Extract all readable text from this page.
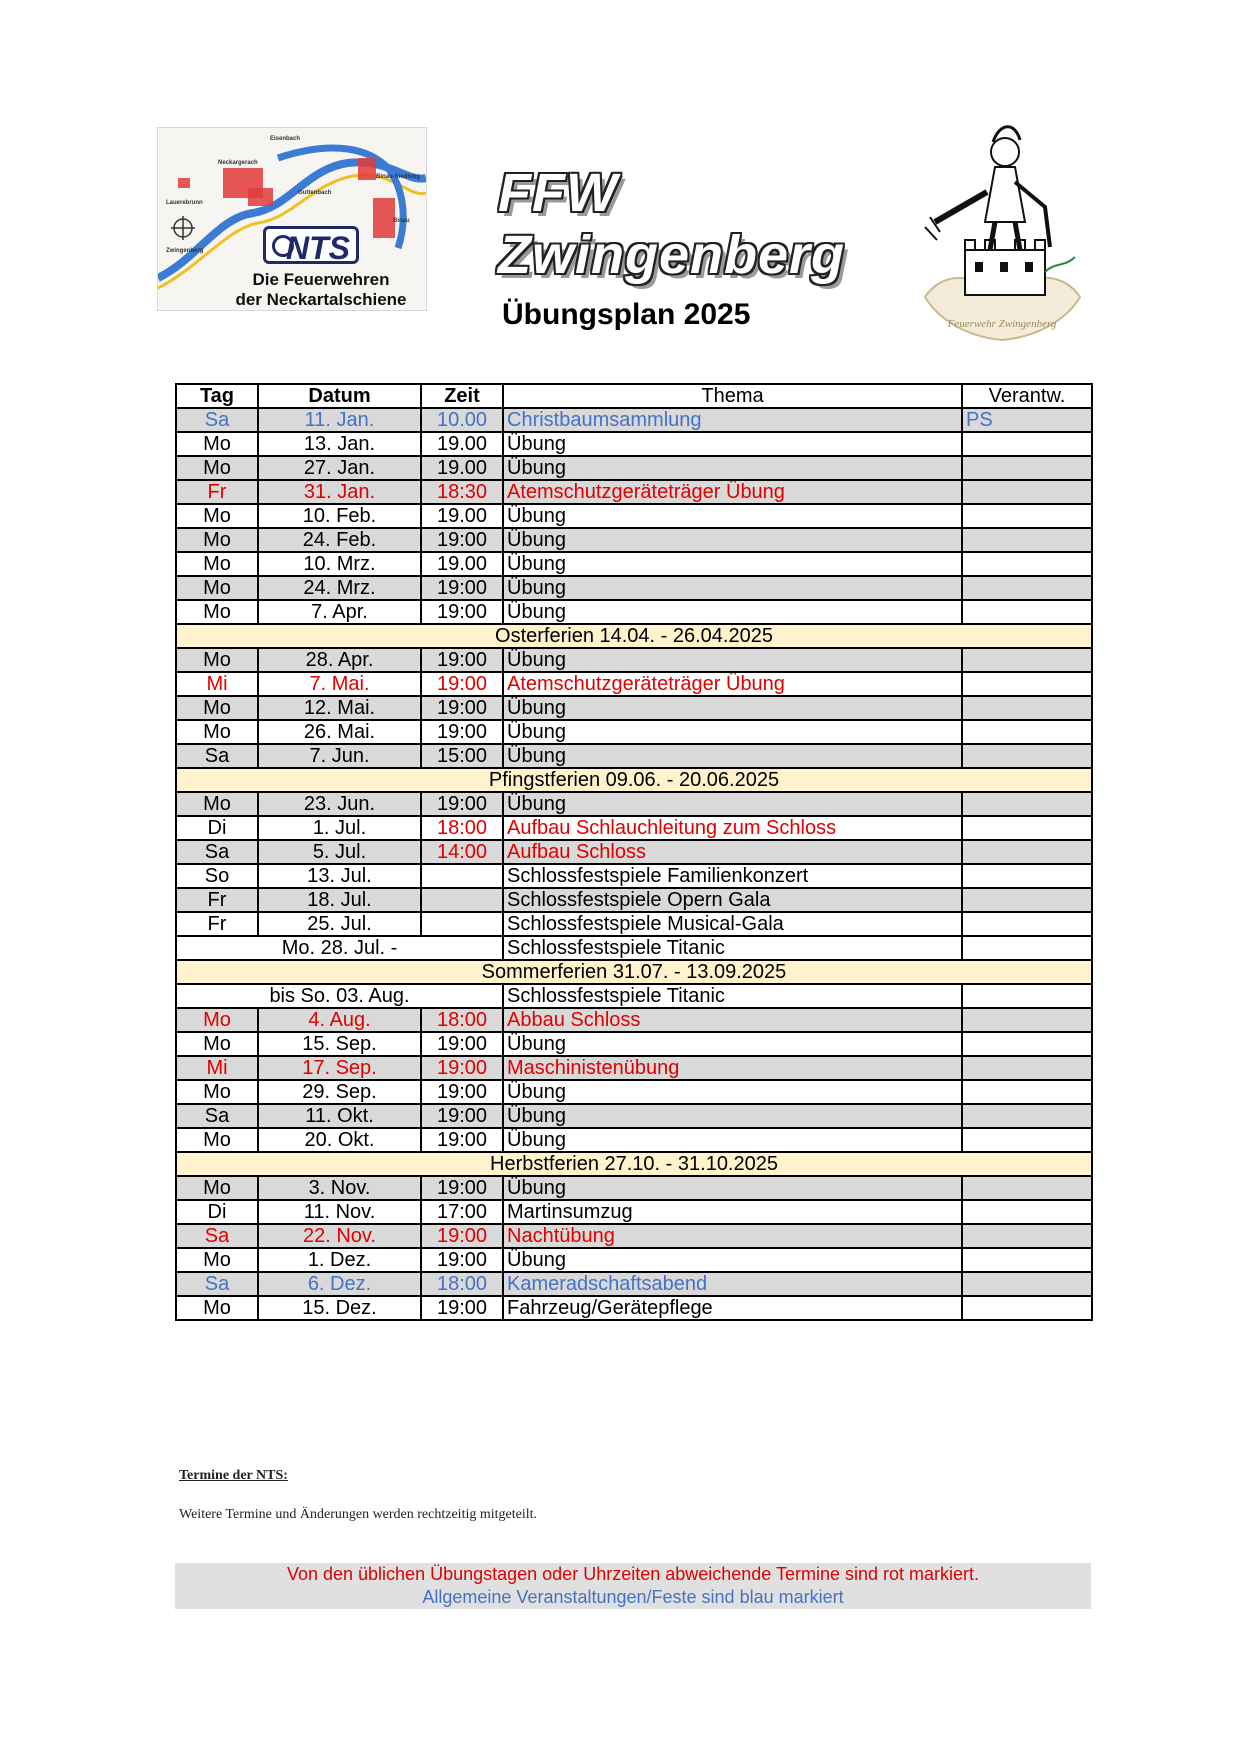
Eisenbach
Neckargerach
Binau-Siedlung
Guttenbach
Binau
Lauerebrunn
Zwingenberg	NTS
Die Feuerwehren
der Neckartalschiene
FFW Zwingenberg
Feuerwehr Zwingenberg
Übungsplan 2025
Tag	Datum	Zeit	Thema	Verantw.
Sa	11. Jan.	10.00	Christbaumsammlung	PS
Mo	13. Jan.	19.00	Übung	
Mo	27. Jan.	19.00	Übung	
Fr	31. Jan.	18:30	Atemschutzgeräteträger Übung	
Mo	10. Feb.	19.00	Übung	
Mo	24. Feb.	19:00	Übung	
Mo	10. Mrz.	19.00	Übung	
Mo	24. Mrz.	19:00	Übung	
Mo	7. Apr.	19:00	Übung	
Osterferien 14.04. - 26.04.2025				
Mo	28. Apr.	19:00	Übung	
Mi	7. Mai.	19:00	Atemschutzgeräteträger Übung	
Mo	12. Mai.	19:00	Übung	
Mo	26. Mai.	19:00	Übung	
Sa	7. Jun.	15:00	Übung	
Pfingstferien 09.06. - 20.06.2025				
Mo	23. Jun.	19:00	Übung	
Di	1. Jul.	18:00	Aufbau Schlauchleitung zum Schloss	
Sa	5. Jul.	14:00	Aufbau Schloss	
So	13. Jul.		Schlossfestspiele Familienkonzert	
Fr	18. Jul.		Schlossfestspiele Opern Gala	
Fr	25. Jul.		Schlossfestspiele Musical-Gala	
Mo. 28. Jul. -			Schlossfestspiele Titanic	
Sommerferien 31.07. - 13.09.2025				
bis So. 03. Aug.			Schlossfestspiele Titanic	
Mo	4. Aug.	18:00	Abbau Schloss	
Mo	15. Sep.	19:00	Übung	
Mi	17. Sep.	19:00	Maschinistenübung	
Mo	29. Sep.	19:00	Übung	
Sa	11. Okt.	19:00	Übung	
Mo	20. Okt.	19:00	Übung	
Herbstferien 27.10. - 31.10.2025				
Mo	3. Nov.	19:00	Übung	
Di	11. Nov.	17:00	Martinsumzug	
Sa	22. Nov.	19:00	Nachtübung	
Mo	1. Dez.	19:00	Übung	
Sa	6. Dez.	18:00	Kameradschaftsabend	
Mo	15. Dez.	19:00	Fahrzeug/Gerätepflege	
Termine der NTS:
Weitere Termine und Änderungen werden rechtzeitig mitgeteilt.
Von den üblichen Übungstagen oder Uhrzeiten abweichende Termine sind rot markiert.
Allgemeine Veranstaltungen/Feste sind blau markiert
